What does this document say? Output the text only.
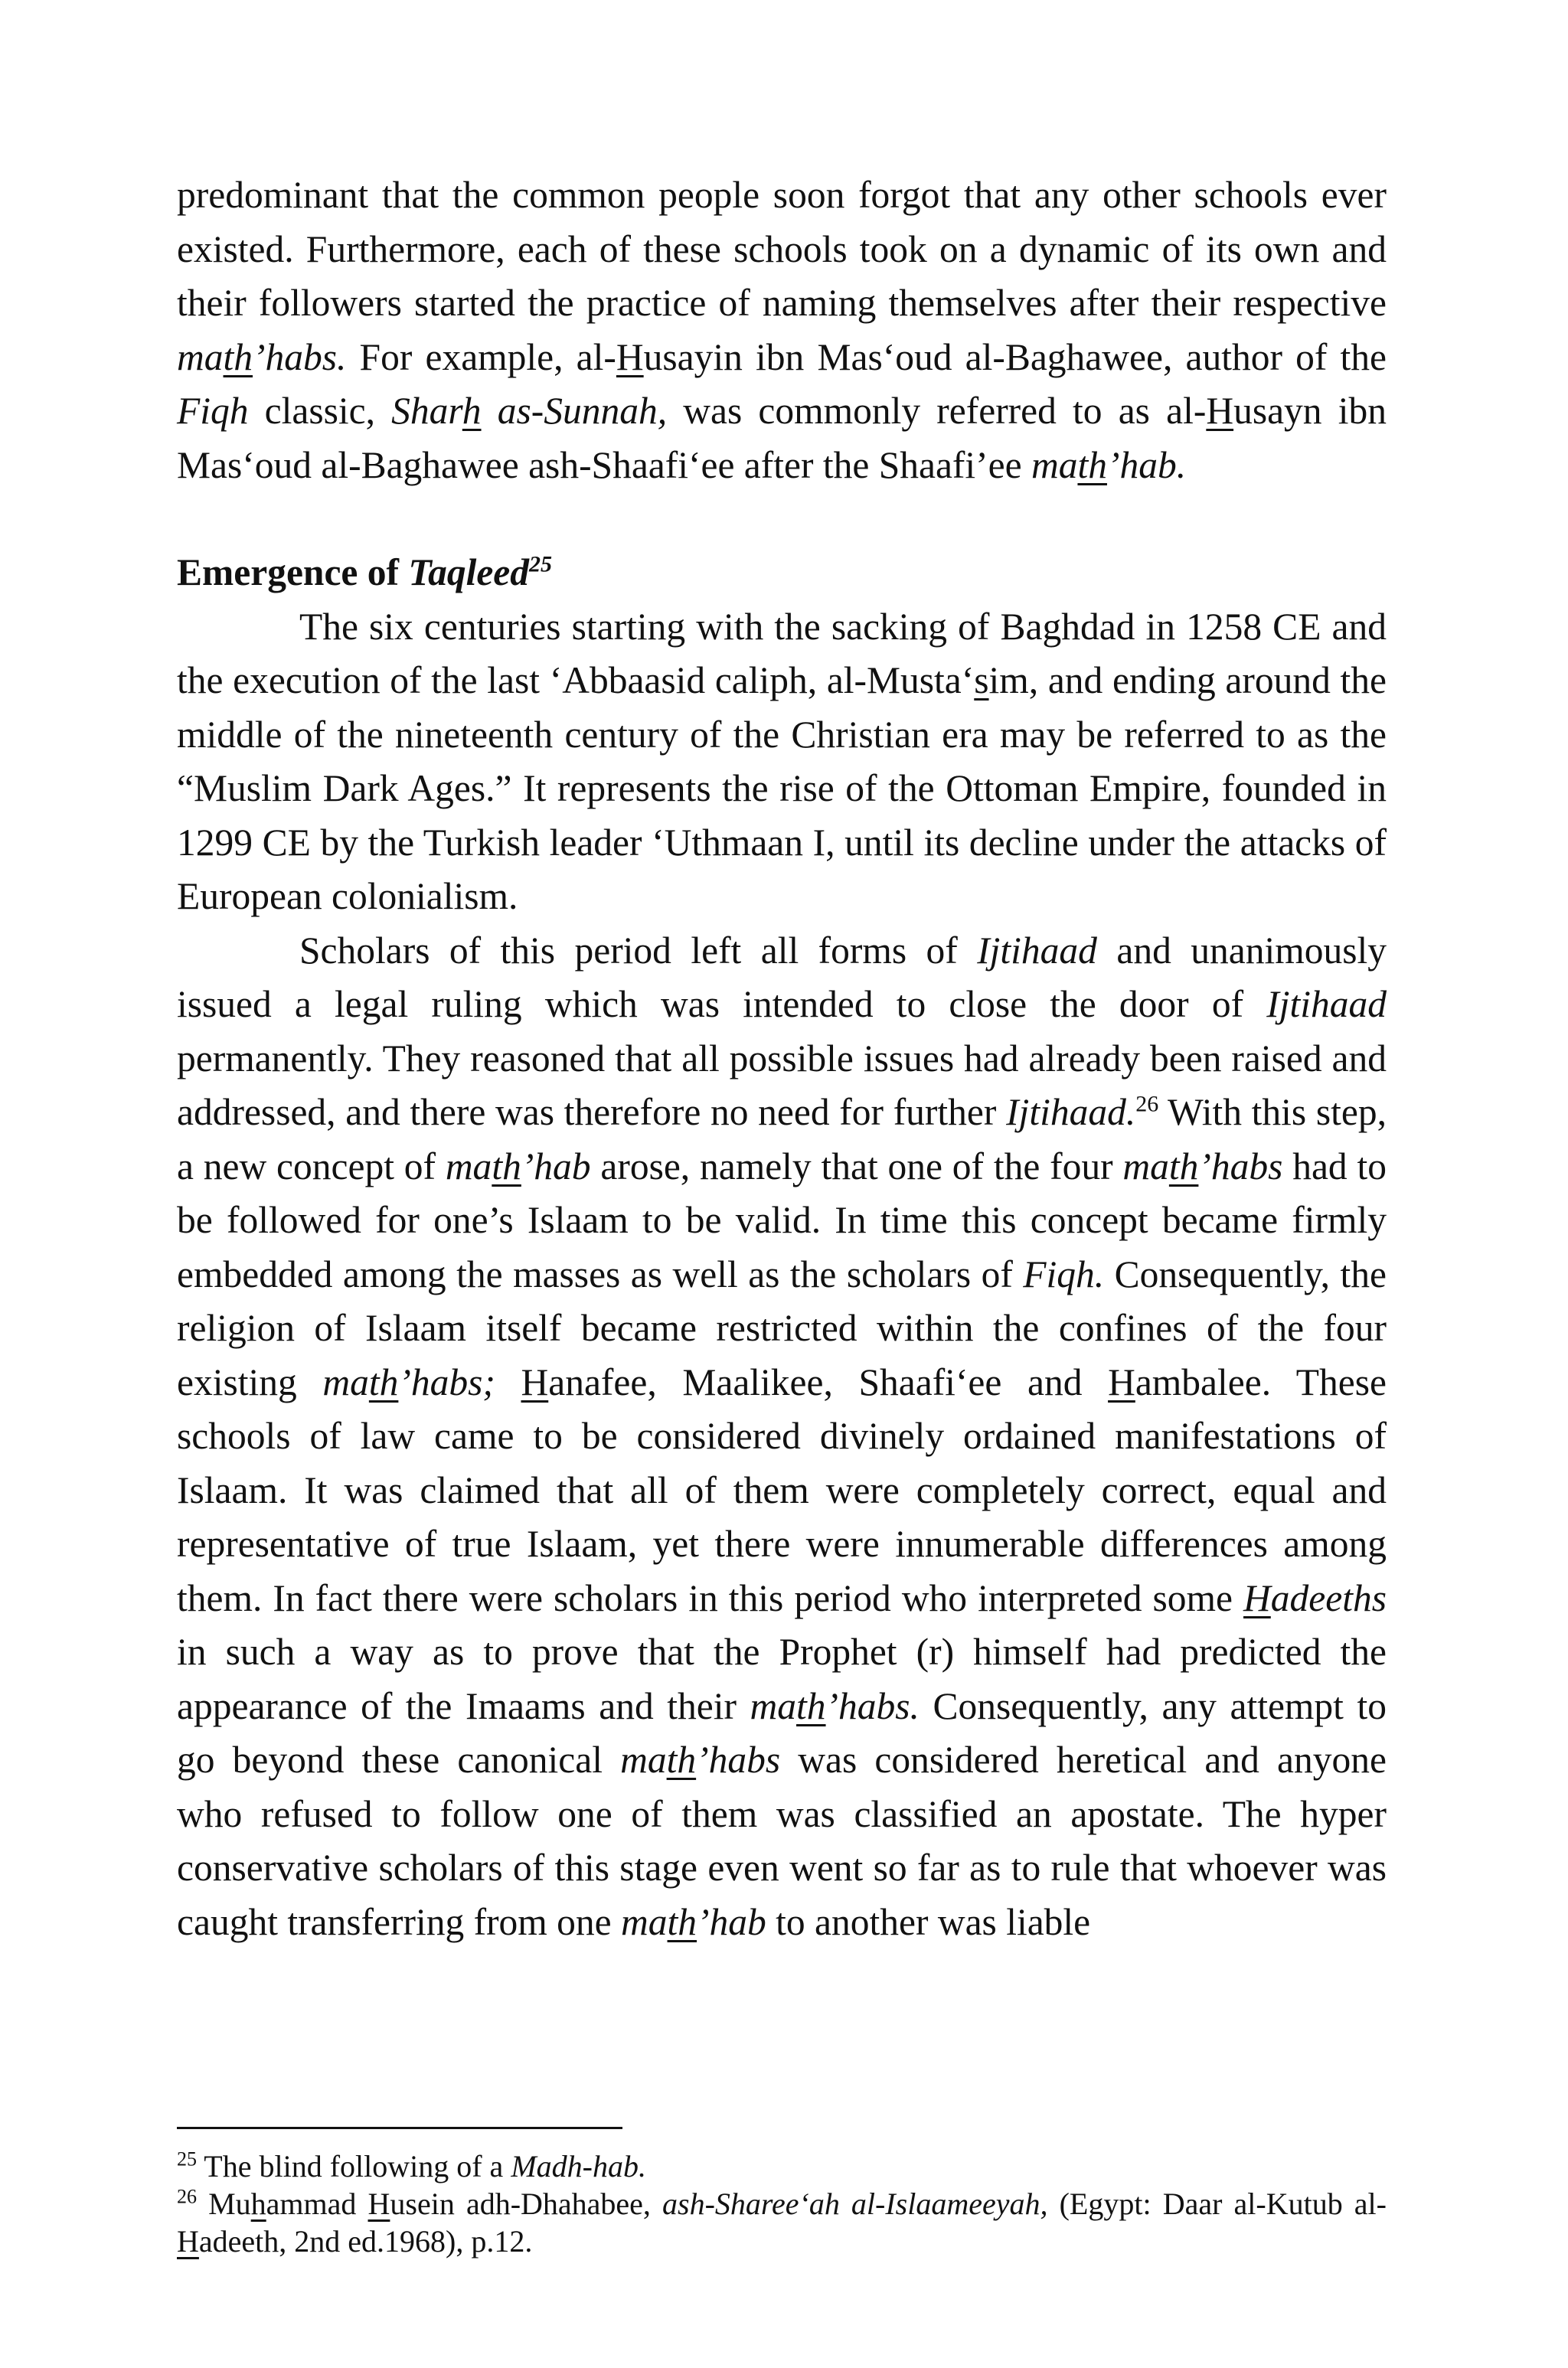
predominant that the common people soon forgot that any other schools ever existed. Furthermore, each of these schools took on a dynamic of its own and their followers started the practice of naming themselves after their respective math’habs. For example, al-Husayin ibn Mas‘oud al-Baghawee, author of the Fiqh classic, Sharh as-Sunnah, was commonly referred to as al-Husayn ibn Mas‘oud al-Baghawee ash-Shaafi‘ee after the Shaafi’ee math’hab.

Emergence of Taqleed$^{25}$

The six centuries starting with the sacking of Baghdad in 1258 CE and the execution of the last ‘Abbaasid caliph, al-Musta‘sim, and ending around the middle of the nineteenth century of the Christian era may be referred to as the “Muslim Dark Ages.” It represents the rise of the Ottoman Empire, founded in 1299 CE by the Turkish leader ‘Uthmaan I, until its decline under the attacks of European colonialism.

Scholars of this period left all forms of Ijtihaad and unanimously issued a legal ruling which was intended to close the door of Ijtihaad permanently. They reasoned that all possible issues had already been raised and addressed, and there was therefore no need for further Ijtihaad.$^{26}$ With this step, a new concept of math’hab arose, namely that one of the four math’habs had to be followed for one’s Islaam to be valid. In time this concept became firmly embedded among the masses as well as the scholars of Fiqh. Consequently, the religion of Islaam itself became restricted within the confines of the four existing math’habs; Hanafee, Maalikee, Shaafi‘ee and Hambalee. These schools of law came to be considered divinely ordained manifestations of Islaam. It was claimed that all of them were completely correct, equal and representative of true Islaam, yet there were innumerable differences among them. In fact there were scholars in this period who interpreted some Hadeeths in such a way as to prove that the Prophet (r) himself had predicted the appearance of the Imaams and their math’habs. Consequently, any attempt to go beyond these canonical math’habs was considered heretical and anyone who refused to follow one of them was classified an apostate. The hyper conservative scholars of this stage even went so far as to rule that whoever was caught transferring from one math’hab to another was liable

$^{25}$ The blind following of a Madh-hab.

$^{26}$ Muhammad Husein adh-Dhahabee, ash-Sharee‘ah al-Islaameeyah, (Egypt: Daar al-Kutub al-Hadeeth, 2nd ed.1968), p.12.
